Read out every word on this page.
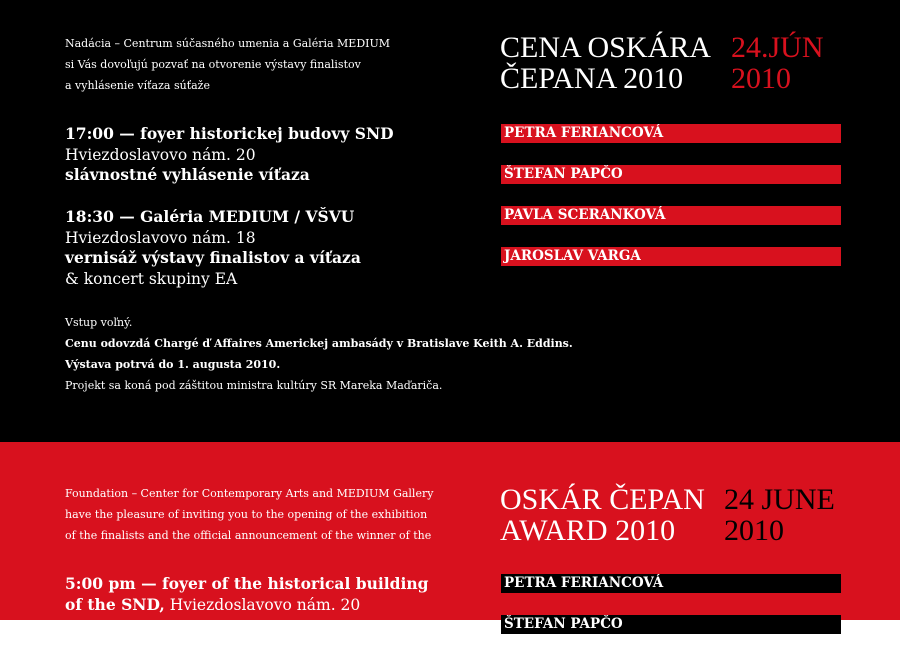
Nadácia – Centrum súčasného umenia a Galéria MEDIUM
si Vás dovoľujú pozvať na otvorenie výstavy finalistov
a vyhlásenie víťaza súťaže
CENA OSKÁRA
ČEPANA 2010
24.JÚN
2010
17:00 — foyer historickej budovy SND
Hviezdoslavovo nám. 20
slávnostné vyhlásenie víťaza
18:30 — Galéria MEDIUM / VŠVU
Hviezdoslavovo nám. 18
vernisáž výstavy finalistov a víťaza
& koncert skupiny EA
PETRA FERIANCOVÁ
ŠTEFAN PAPČO
PAVLA SCERANKOVÁ
JAROSLAV VARGA
Vstup voľný.
Cenu odovzdá Chargé ď Affaires Americkej ambasády v Bratislave Keith A. Eddins.
Výstava potrvá do 1. augusta 2010.
Projekt sa koná pod záštitou ministra kultúry SR Mareka Maďariča.
Foundation – Center for Contemporary Arts and MEDIUM Gallery
have the pleasure of inviting you to the opening of the exhibition
of the finalists and the official announcement of the winner of the
OSKÁR ČEPAN
AWARD 2010
24 JUNE
2010
5:00 pm — foyer of the historical building
of the SND, Hviezdoslavovo nám. 20
PETRA FERIANCOVÁ
ŠTEFAN PAPČO
